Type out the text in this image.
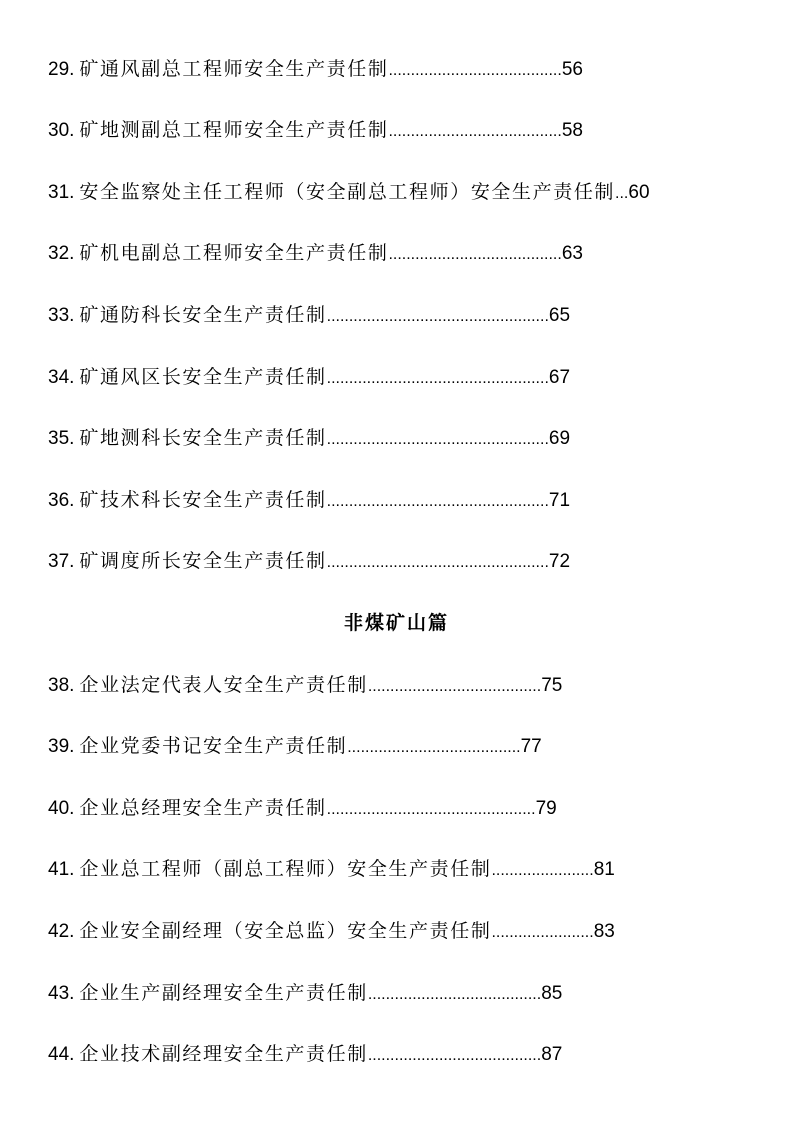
29. 矿通风副总工程师安全生产责任制.......................................56
30. 矿地测副总工程师安全生产责任制.......................................58
31. 安全监察处主任工程师（安全副总工程师）安全生产责任制...60
32. 矿机电副总工程师安全生产责任制.......................................63
33. 矿通防科长安全生产责任制..................................................65
34. 矿通风区长安全生产责任制..................................................67
35. 矿地测科长安全生产责任制..................................................69
36. 矿技术科长安全生产责任制..................................................71
37. 矿调度所长安全生产责任制..................................................72
非煤矿山篇
38. 企业法定代表人安全生产责任制.......................................75
39. 企业党委书记安全生产责任制.......................................77
40. 企业总经理安全生产责任制...............................................79
41. 企业总工程师（副总工程师）安全生产责任制.......................81
42. 企业安全副经理（安全总监）安全生产责任制.......................83
43. 企业生产副经理安全生产责任制.......................................85
44. 企业技术副经理安全生产责任制.......................................87
